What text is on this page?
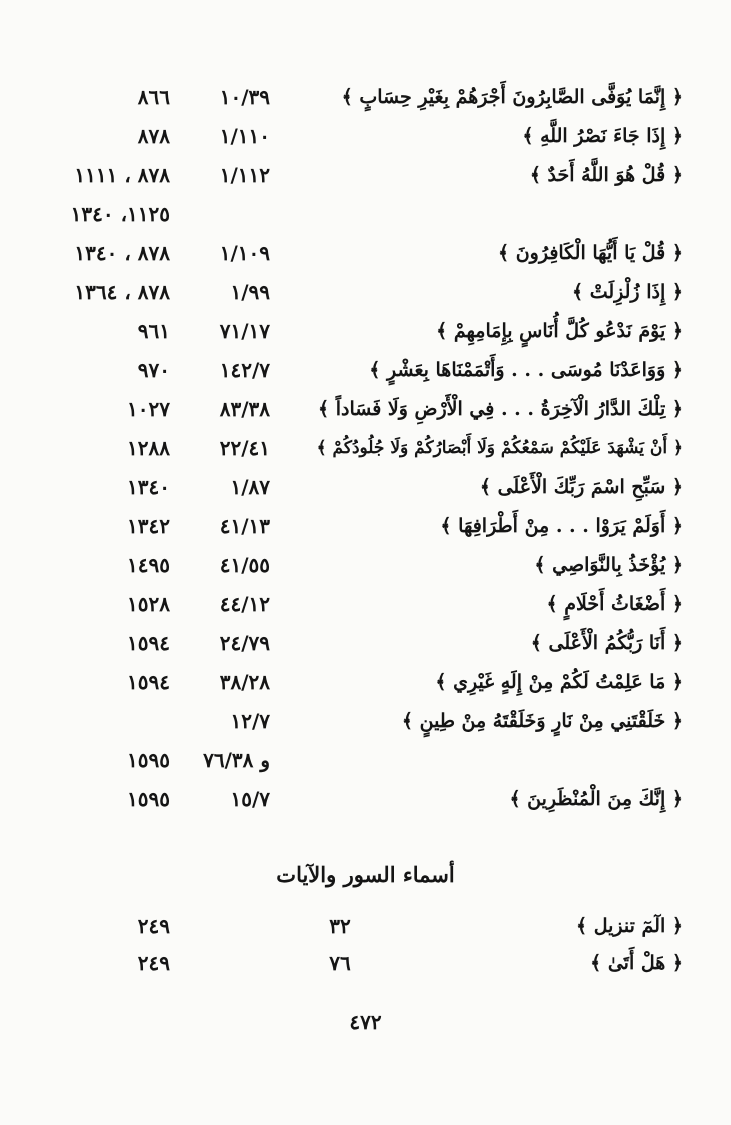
﴿ إِنَّمَا يُوَفَّى الصَّابِرُونَ أَجْرَهُمْ بِغَيْرِ حِسَابٍ ﴾
١٠/٣٩
٨٦٦
﴿ إِذَا جَاءَ نَصْرُ اللَّهِ ﴾
١/١١٠
٨٧٨
﴿ قُلْ هُوَ اللَّهُ أَحَدٌ ﴾
١/١١٢
٨٧٨ ، ١١١١
١١٢٥، ١٣٤٠
﴿ قُلْ يَا أَيُّهَا الْكَافِرُونَ ﴾
١/١٠٩
٨٧٨ ، ١٣٤٠
﴿ إِذَا زُلْزِلَتْ ﴾
١/٩٩
٨٧٨ ، ١٣٦٤
﴿ يَوْمَ نَدْعُو كُلَّ أُنَاسٍ بِإِمَامِهِمْ ﴾
٧١/١٧
٩٦١
﴿ وَوَاعَدْنَا مُوسَى . . . وَأَتْمَمْنَاهَا بِعَشْرٍ ﴾
١٤٢/٧
٩٧٠
﴿ تِلْكَ الدَّارُ الْآخِرَةُ . . . فِي الْأَرْضِ وَلَا فَسَاداً ﴾
٨٣/٣٨
١٠٢٧
﴿ أَنْ يَشْهَدَ عَلَيْكُمْ سَمْعُكُمْ وَلَا أَبْصَارُكُمْ وَلَا جُلُودُكُمْ ﴾
٢٢/٤١
١٢٨٨
﴿ سَبِّحِ اسْمَ رَبِّكَ الْأَعْلَى ﴾
١/٨٧
١٣٤٠
﴿ أَوَلَمْ يَرَوْا . . . مِنْ أَطْرَافِهَا ﴾
٤١/١٣
١٣٤٢
﴿ يُؤْخَذُ بِالنَّوَاصِي ﴾
٤١/٥٥
١٤٩٥
﴿ أَضْغَاثُ أَحْلَامٍ ﴾
٤٤/١٢
١٥٢٨
﴿ أَنَا رَبُّكُمُ الْأَعْلَى ﴾
٢٤/٧٩
١٥٩٤
﴿ مَا عَلِمْتُ لَكُمْ مِنْ إِلَهٍ غَيْرِي ﴾
٣٨/٢٨
١٥٩٤
﴿ خَلَقْتَنِي مِنْ نَارٍ وَخَلَقْتَهُ مِنْ طِينٍ ﴾
١٢/٧
و ٧٦/٣٨
١٥٩٥
﴿ إِنَّكَ مِنَ الْمُنْظَرِينَ ﴾
١٥/٧
١٥٩٥
أسماء السور والآيات
﴿ الٓمٓ تنزيل ﴾
٣٢
٢٤٩
﴿ هَلْ أَتَىٰ ﴾
٧٦
٢٤٩
٤٧٢
